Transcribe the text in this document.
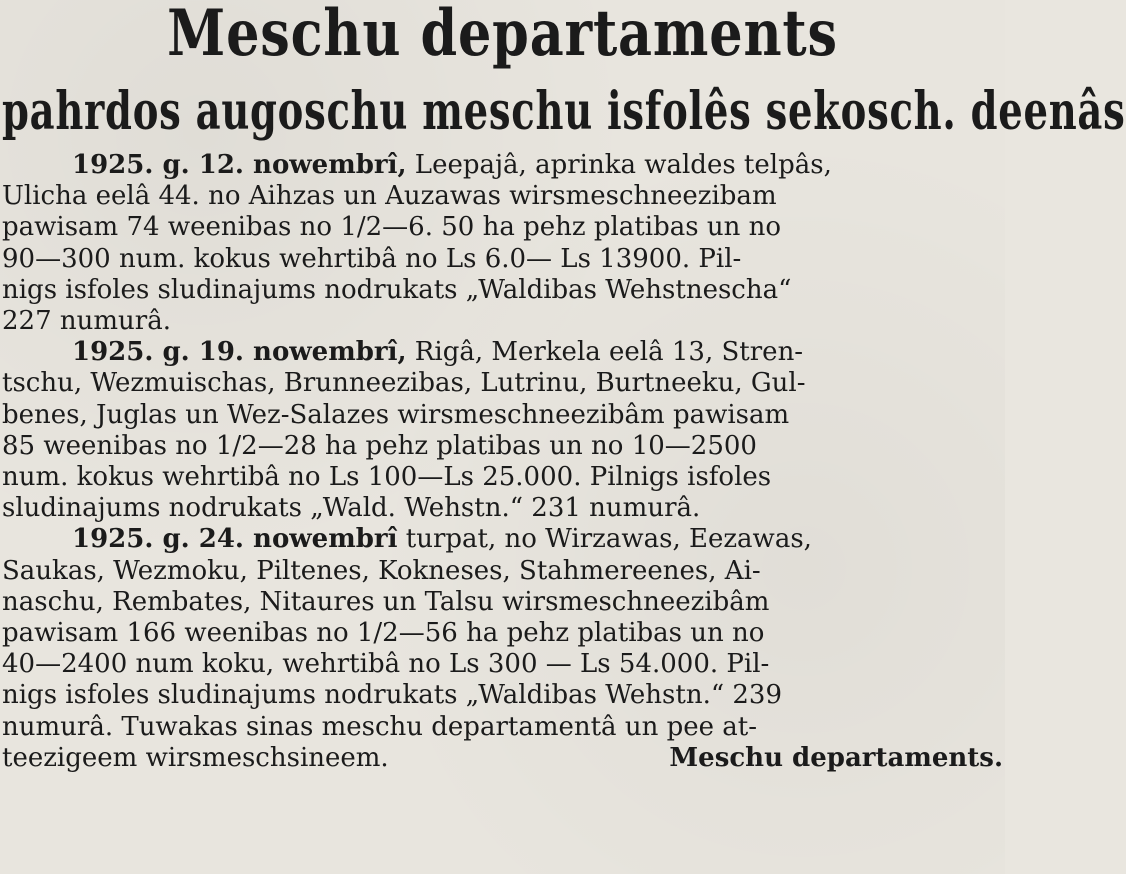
Meschu departaments
pahrdos augoschu meschu isfolês sekosch. deenâs
1925. g. 12. nowembrî, Leepajâ, aprinka waldes telpâs,
Ulicha eelâ 44. no Aihzas un Auzawas wirsmeschneezibam
pawisam 74 weenibas no 1/2—6. 50 ha pehz platibas un no
90—300 num. kokus wehrtibâ no Ls 6.0— Ls 13900. Pil-
nigs isfoles sludinajums nodrukats „Waldibas Wehstnescha“
227 numurâ.
1925. g. 19. nowembrî, Rigâ, Merkela eelâ 13, Stren-
tschu, Wezmuischas, Brunneezibas, Lutrinu, Burtneeku, Gul-
benes, Juglas un Wez-Salazes wirsmeschneezibâm pawisam
85 weenibas no 1/2—28 ha pehz platibas un no 10—2500
num. kokus wehrtibâ no Ls 100—Ls 25.000. Pilnigs isfoles
sludinajums nodrukats „Wald. Wehstn.“ 231 numurâ.
1925. g. 24. nowembrî turpat, no Wirzawas, Eezawas,
Saukas, Wezmoku, Piltenes, Kokneses, Stahmereenes, Ai-
naschu, Rembates, Nitaures un Talsu wirsmeschneezibâm
pawisam 166 weenibas no 1/2—56 ha pehz platibas un no
40—2400 num koku, wehrtibâ no Ls 300 — Ls 54.000. Pil-
nigs isfoles sludinajums nodrukats „Waldibas Wehstn.“ 239
numurâ. Tuwakas sinas meschu departamentâ un pee at-
teezigeem wirsmeschsineem.	Meschu departaments.
